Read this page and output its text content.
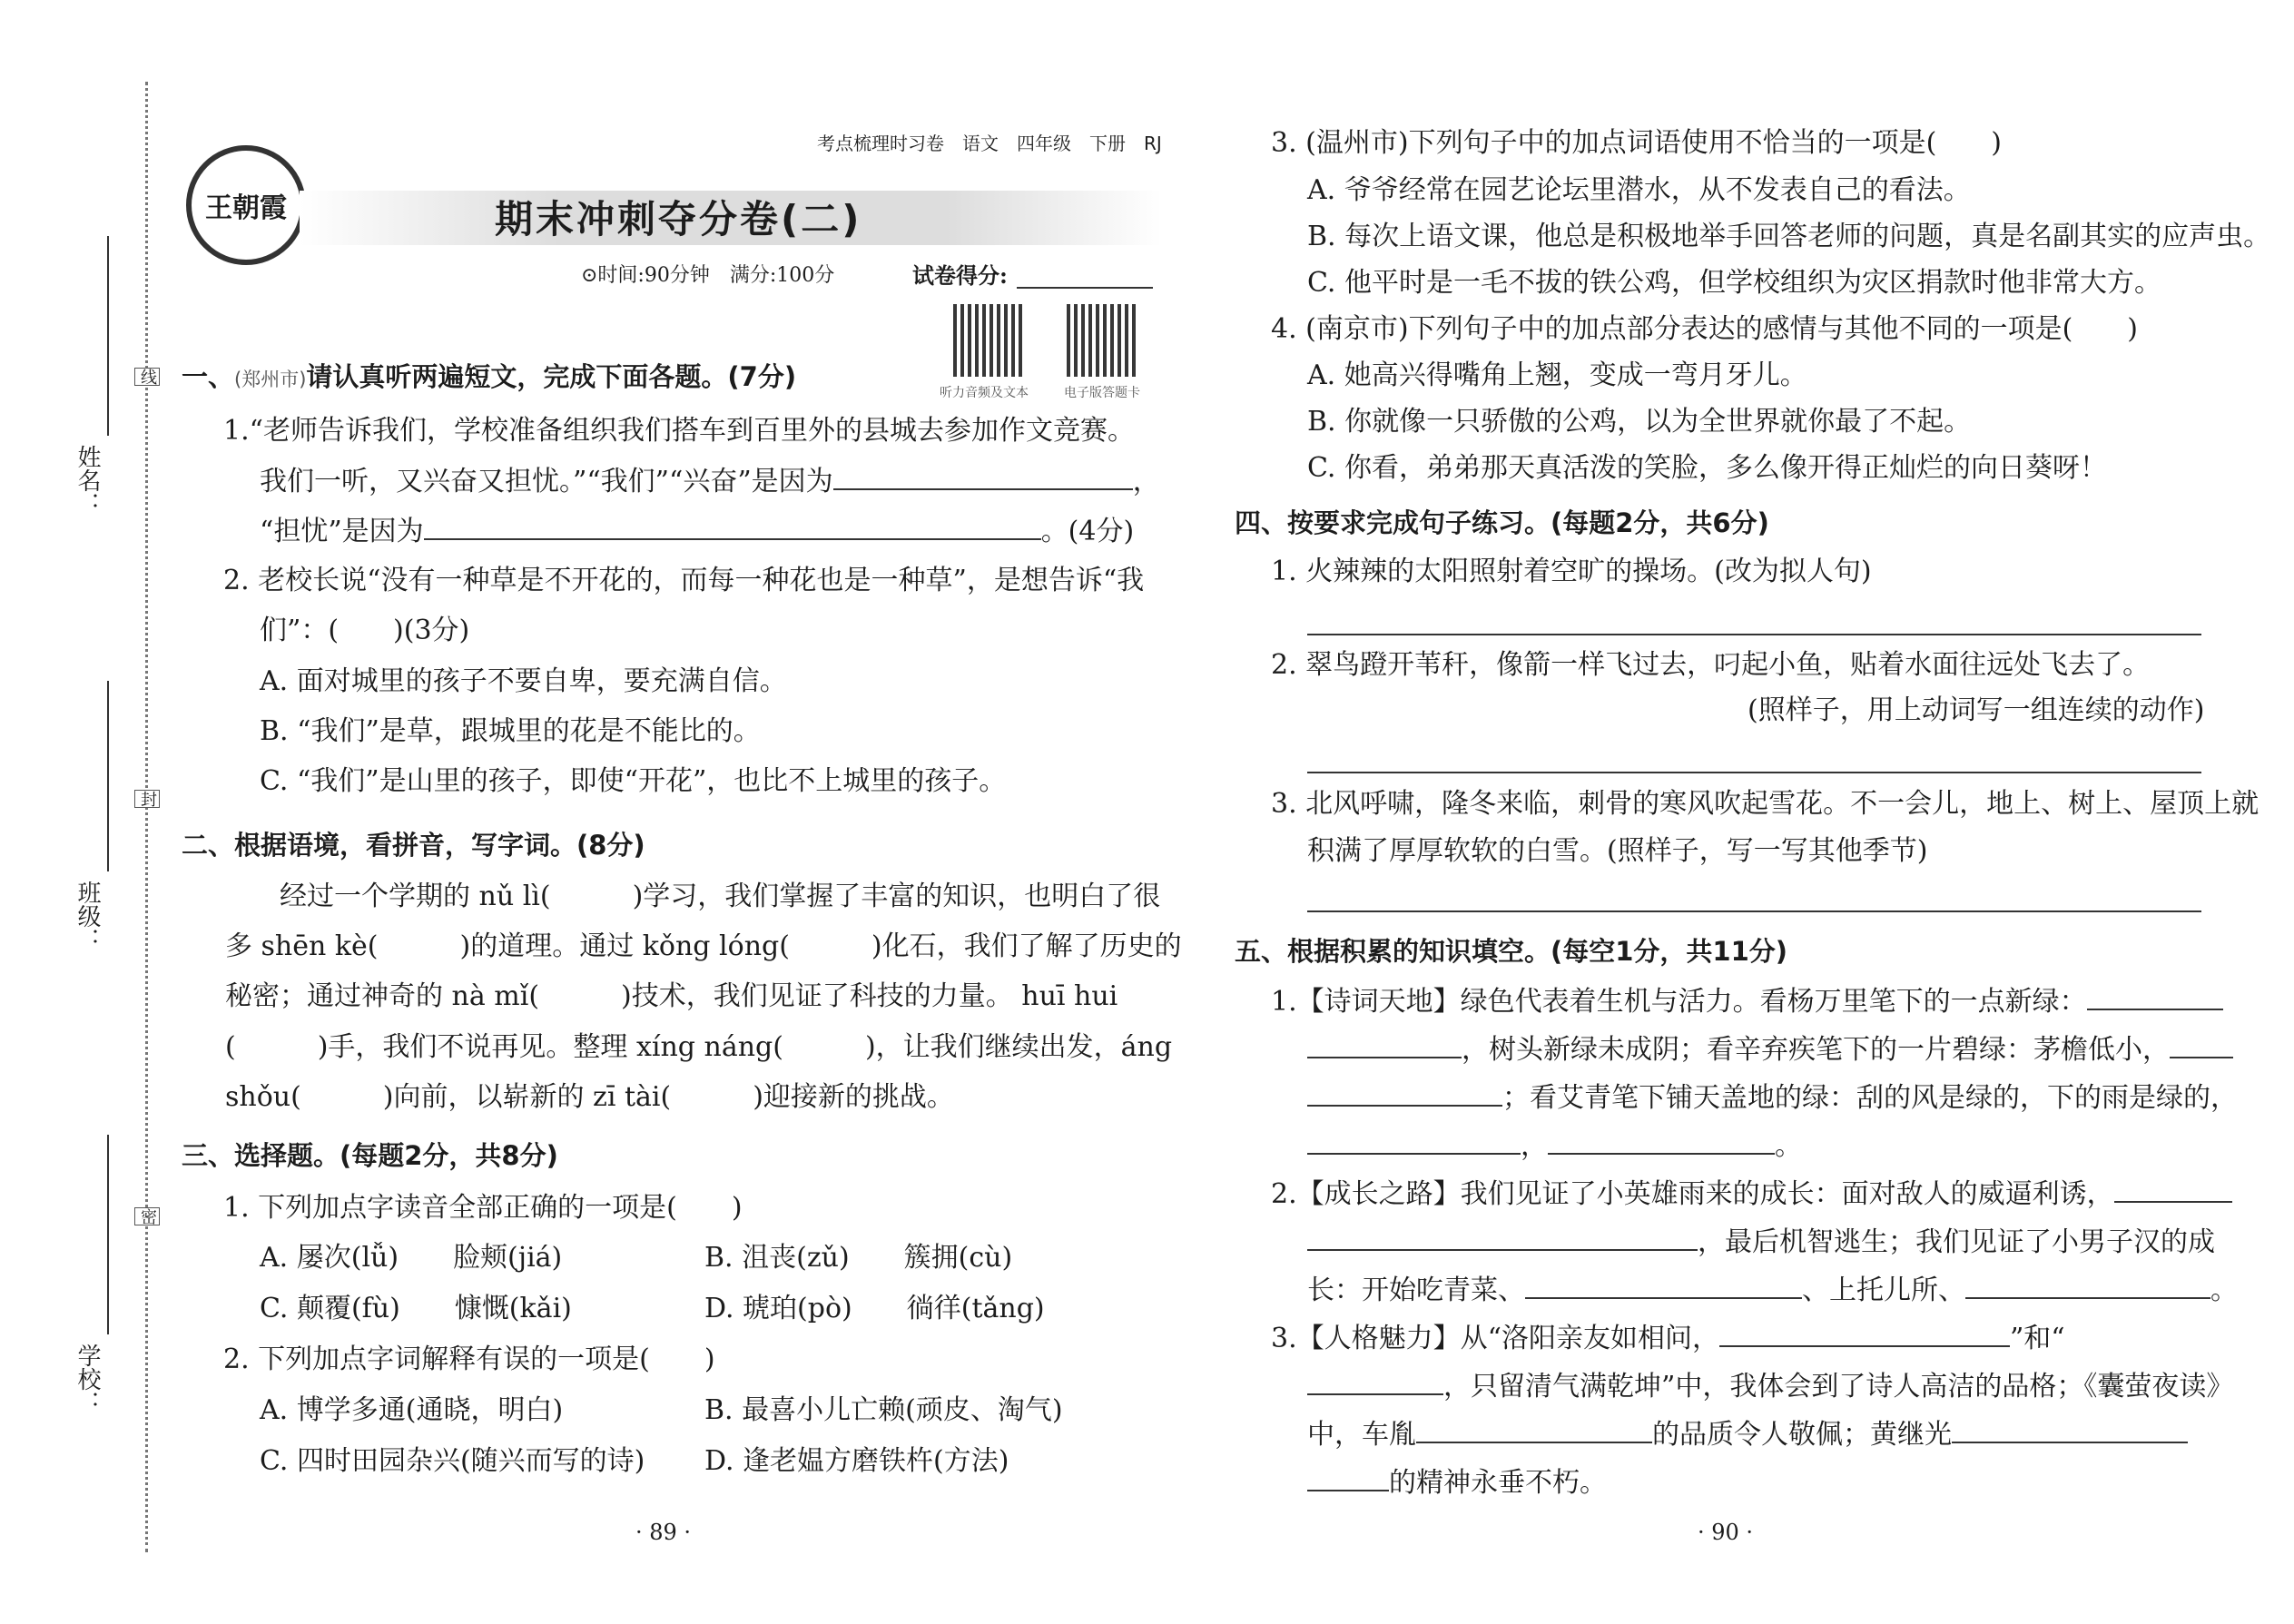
姓名：
班级：
学校：
线
封
密
王朝霞
考点梳理时习卷　 语文　 四年级　 下册　 RJ
期末冲刺夺分卷(二)
⊙时间:90分钟　满分:100分	试卷得分:
听力音频及文本	电子版答题卡
一、(郑州市)请认真听两遍短文，完成下面各题。(7分)
1.“老师告诉我们，学校准备组织我们搭车到百里外的县城去参加作文竞赛。
我们一听，又兴奋又担忧。”“我们”“兴奋”是因为	，
“担忧”是因为	。(4分)
2. 老校长说“没有一种草是不开花的，而每一种花也是一种草”，是想告诉“我
们”：(　　)(3分)
A. 面对城里的孩子不要自卑，要充满自信。
B. “我们”是草，跟城里的花是不能比的。
C. “我们”是山里的孩子，即使“开花”，也比不上城里的孩子。
二、根据语境，看拼音，写字词。(8分)
经过一个学期的 nǔ lì(　　　)学习，我们掌握了丰富的知识，也明白了很
多 shēn kè(　　　)的道理。通过 kǒng lóng(　　　)化石，我们了解了历史的
秘密；通过神奇的 nà mǐ(　　　)技术，我们见证了科技的力量。 huī hui
(　　　)手，我们不说再见。整理 xíng náng(　　　)，让我们继续出发，áng
shǒu(　　　)向前，以崭新的 zī tài(　　　)迎接新的挑战。
三、选择题。(每题2分，共8分)
1. 下列加点字读音全部正确的一项是(　　)
A. 屡次(lǚ)　　 脸颊(jiá)	B. 沮丧(zǔ)　　 簇拥(cù)
C. 颠覆(fù)　　 慷慨(kǎi)	D. 琥珀(pò)　　 徜徉(tǎng)
2. 下列加点字词解释有误的一项是(　　)
A. 博学多通(通晓，明白)	B. 最喜小儿亡赖(顽皮、淘气)
C. 四时田园杂兴(随兴而写的诗) D. 逢老媪方磨铁杵(方法)
· 89 ·
3. (温州市)下列句子中的加点词语使用不恰当的一项是(　　)
A. 爷爷经常在园艺论坛里潜水，从不发表自己的看法。
B. 每次上语文课，他总是积极地举手回答老师的问题，真是名副其实的应声虫。
C. 他平时是一毛不拔的铁公鸡，但学校组织为灾区捐款时他非常大方。
4. (南京市)下列句子中的加点部分表达的感情与其他不同的一项是(　　)
A. 她高兴得嘴角上翘，变成一弯月牙儿。
B. 你就像一只骄傲的公鸡，以为全世界就你最了不起。
C. 你看，弟弟那天真活泼的笑脸，多么像开得正灿烂的向日葵呀！
四、按要求完成句子练习。(每题2分，共6分)
1. 火辣辣的太阳照射着空旷的操场。(改为拟人句)
2. 翠鸟蹬开苇秆，像箭一样飞过去，叼起小鱼，贴着水面往远处飞去了。
(照样子，用上动词写一组连续的动作)
3. 北风呼啸，隆冬来临，刺骨的寒风吹起雪花。不一会儿，地上、树上、屋顶上就
积满了厚厚软软的白雪。(照样子，写一写其他季节)
五、根据积累的知识填空。(每空1分，共11分)
1.【诗词天地】绿色代表着生机与活力。看杨万里笔下的一点新绿：
，树头新绿未成阴；看辛弃疾笔下的一片碧绿：茅檐低小，
；看艾青笔下铺天盖地的绿：刮的风是绿的，下的雨是绿的，
，	。
2.【成长之路】我们见证了小英雄雨来的成长：面对敌人的威逼利诱，
，最后机智逃生；我们见证了小男子汉的成
长：开始吃青菜、	、上托儿所、	。
3.【人格魅力】从“洛阳亲友如相问，	”和“
，只留清气满乾坤”中，我体会到了诗人高洁的品格；《囊萤夜读》
中，车胤	的品质令人敬佩；黄继光
的精神永垂不朽。
· 90 ·
